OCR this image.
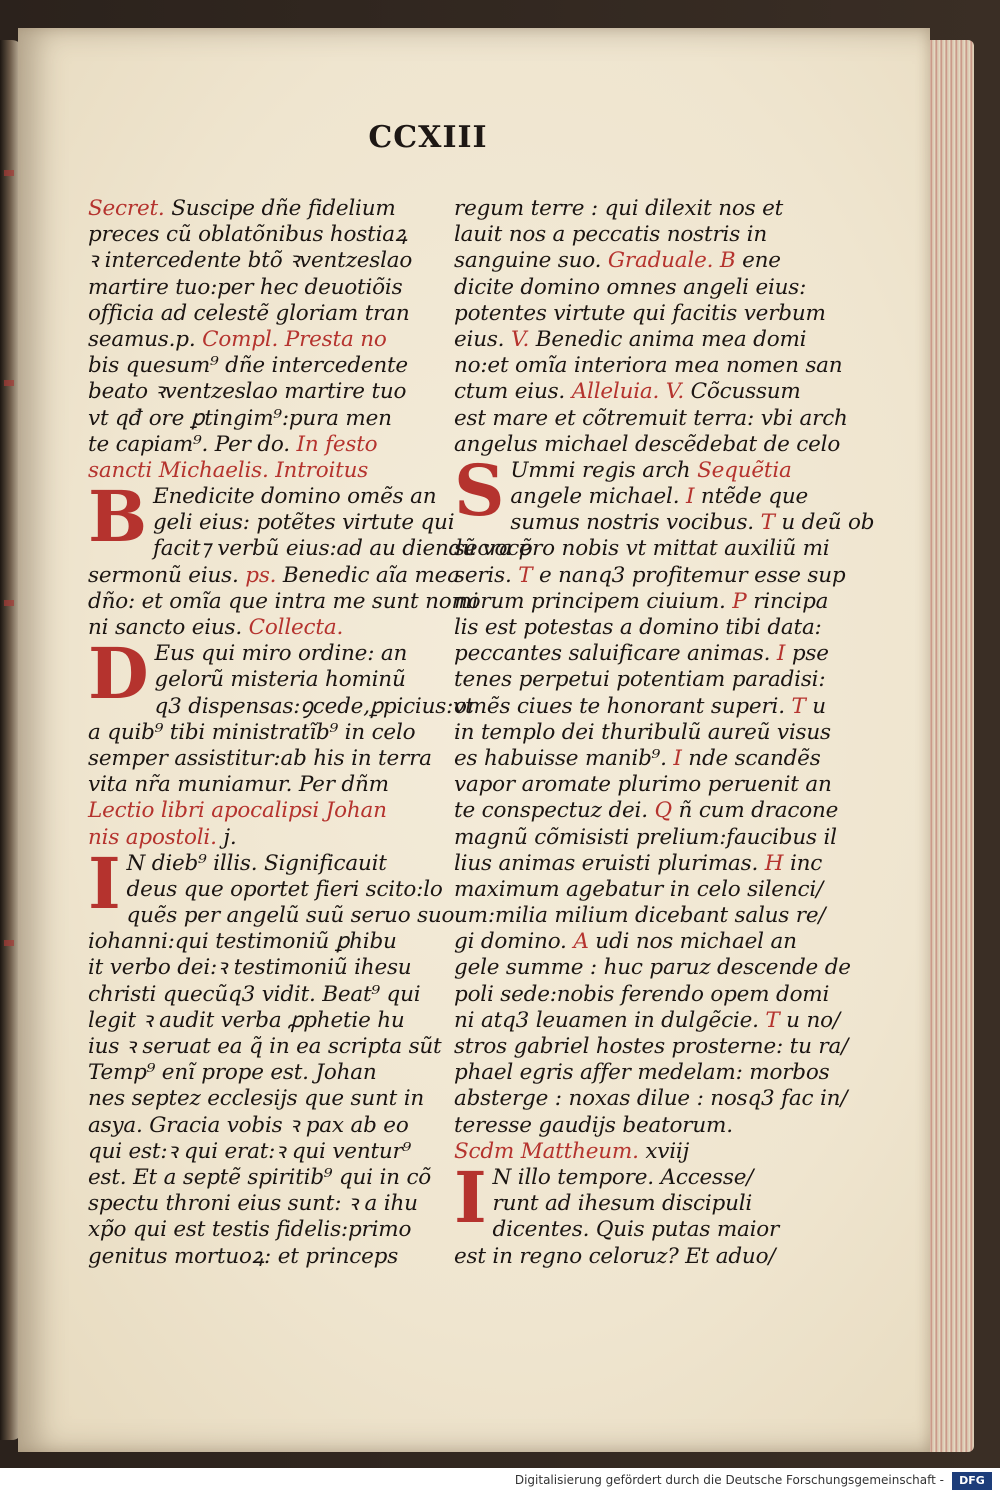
CCXIII
Secret. Suscipe dñe fidelium
preces cũ oblatõnibus hostiaꝝ
ꝛ intercedente btõ ꝛventzeslao
martire tuo:per hec deuotiõis
officia ad celestẽ gloriam tran
seamus.p. Compl. Presta no
bis quesum⁹ dñe intercedente
beato ꝛventzeslao martire tuo
vt qđ ore ꝑtingim⁹:pura men
te capiam⁹. Per do. In festo
sancti Michaelis. Introitus
B Enedicite domino omẽs an
geli eius: potẽtes virtute qui
facit⁊ verbũ eius:ad au diendũ vocẽ
sermonũ eius. ps. Benedic aĩa mea
dño: et omĩa que intra me sunt nomi
ni sancto eius. Collecta.
D Eus qui miro ordine: an
gelorũ misteria hominũ
q3 dispensas:ꝯcede,ꝑpicius:vt
a quib⁹ tibi ministratĩb⁹ in celo
semper assistitur:ab his in terra
vita nr̃a muniamur. Per dñm
Lectio libri apocalipsi Johan
nis apostoli. j.
I N dieb⁹ illis. Significauit
deus que oportet fieri scito:lo
quẽs per angelũ suũ seruo suo
iohanni:qui testimoniũ ꝑhibu
it verbo dei:ꝛ testimoniũ ihesu
christi quecũq3 vidit. Beat⁹ qui
legit ꝛ audit verba ꝓphetie hu
ius ꝛ seruat ea q̃ in ea scripta sũt
Temp⁹ enĩ prope est. Johan
nes septez ecclesijs que sunt in
asya. Gracia vobis ꝛ pax ab eo
qui est:ꝛ qui erat:ꝛ qui ventur⁹
est. Et a septẽ spiritib⁹ qui in cõ
spectu throni eius sunt: ꝛ a ihu
xp̃o qui est testis fidelis:primo
genitus mortuoꝝ: et princeps
regum terre : qui dilexit nos et
lauit nos a peccatis nostris in
sanguine suo. Graduale. B ene
dicite domino omnes angeli eius:
potentes virtute qui facitis verbum
eius. V. Benedic anima mea domi
no:et omĩa interiora mea nomen san
ctum eius. Alleluia. V. Cõcussum
est mare et cõtremuit terra: vbi arch
angelus michael descẽdebat de celo
S Ummi regis arch Sequẽtia
angele michael. I ntẽde que
sumus nostris vocibus. T u deũ ob
secra pro nobis vt mittat auxiliũ mi
seris. T e nanq3 profitemur esse sup
norum principem ciuium. P rincipa
lis est potestas a domino tibi data:
peccantes saluificare animas. I pse
tenes perpetui potentiam paradisi:
omẽs ciues te honorant superi. T u
in templo dei thuribulũ aureũ visus
es habuisse manib⁹. I nde scandẽs
vapor aromate plurimo peruenit an
te conspectuz dei. Q ñ cum dracone
magnũ cõmisisti prelium:faucibus il
lius animas eruisti plurimas. H inc
maximum agebatur in celo silenci/
um:milia milium dicebant salus re/
gi domino. A udi nos michael an
gele summe : huc paruz descende de
poli sede:nobis ferendo opem domi
ni atq3 leuamen in dulgẽcie. T u no/
stros gabriel hostes prosterne: tu ra/
phael egris affer medelam: morbos
absterge : noxas dilue : nosq3 fac in/
teresse gaudijs beatorum.
Scdm Mattheum. xviij
I N illo tempore. Accesse/
runt ad ihesum discipuli
dicentes. Quis putas maior
est in regno celoruz? Et aduo/
Digitalisierung gefördert durch die Deutsche Forschungsgemeinschaft -	DFG
